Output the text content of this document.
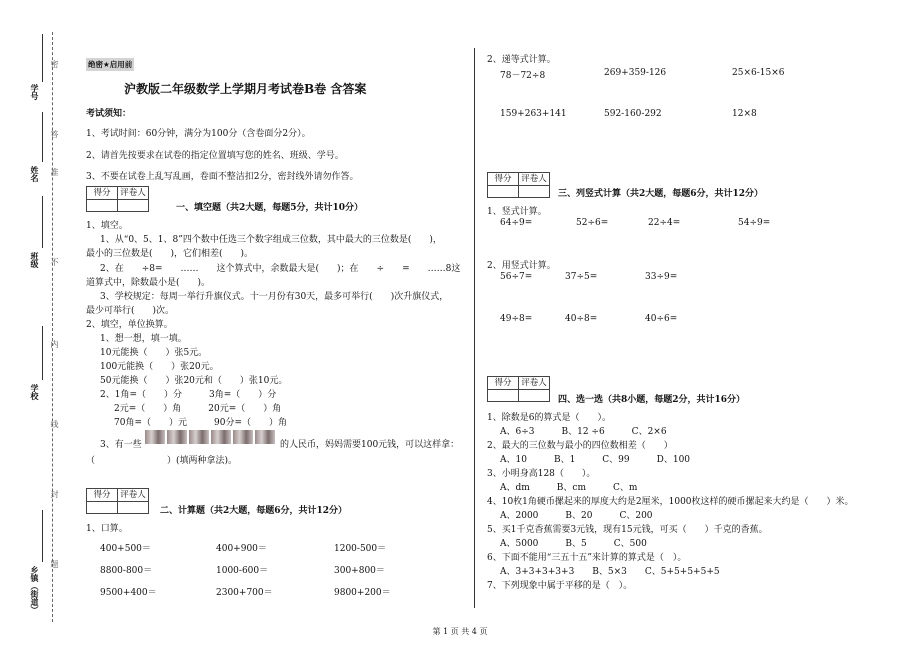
学号
姓名
班级
学校
乡镇（街道）
密
封
线
内
不
准
答
题
绝密★启用前
沪教版二年级数学上学期月考试卷B卷 含答案
考试须知：
1、考试时间：60分钟，满分为100分（含卷面分2分）。
2、请首先按要求在试卷的指定位置填写您的姓名、班级、学号。
3、不要在试卷上乱写乱画，卷面不整洁扣2分，密封线外请勿作答。
得分	评卷人
一、填空题（共2大题，每题5分，共计10分）
1、填空。
1、从“0、5、1、8”四个数中任选三个数字组成三位数，其中最大的三位数是(　　)，
最小的三位数是(　　)，它们相差(　　)。
2、在　　÷8=　　……　　这个算式中，余数最大是(　　)；在　　÷　　=　　……8这
道算式中，除数最小是(　　)。
3、学校规定：每周一举行升旗仪式。十一月份有30天，最多可举行(　　)次升旗仪式，
最少可举行(　　)次。
2、填空，单位换算。
1、想一想，填一填。
10元能换（　　）张5元。
100元能换（　　）张20元。
50元能换（　　）张20元和（　　）张10元。
2、1角=（　　）分　　　3角=（　　）分
2元=（　　）角　　　20元=（　　）角
70角=（　　）元　　　90分=（　　）角
3、有一些	的人民币，妈妈需要100元钱，可以这样拿：
（　　　　　　　　）(填两种拿法)。
得分	评卷人
二、计算题（共2大题，每题6分，共计12分）
1、口算。
400+500＝	400+900＝	1200-500＝
8800-800＝	1000-600＝	300+800＝
9500+400＝	2300+700＝	9800+200＝
2、递等式计算。
78－72÷8	269+359-126	25×6-15×6
159+263+141	592-160-292	12×8
得分	评卷人
三、列竖式计算（共2大题，每题6分，共计12分）
1、竖式计算。
64÷9=	52÷6=	22÷4=	54÷9=
2、用竖式计算。
56÷7=	37÷5=	33÷9=
49÷8=	40÷8=	40÷6=
得分	评卷人
四、选一选（共8小题，每题2分，共计16分）
1、除数是6的算式是（　　）。
A、6÷3　　　B、12 ÷6　　　C、2×6
2、最大的三位数与最小的四位数相差（　　）
A、10　　　B、1　　　C、99　　　D、100
3、小明身高128（　　）。
A、dm　　　B、cm　　　C、m
4、10枚1角硬币摞起来的厚度大约是2厘米，1000枚这样的硬币摞起来大约是（　　）米。
A、2000　　　B、20　　　C、200
5、买1千克香蕉需要3元钱，现有15元钱，可买（　　）千克的香蕉。
A、5000　　　B、5　　　C、500
6、下面不能用“三五十五”来计算的算式是（　）。
A、3+3+3+3+3　　B、5×3　　C、5+5+5+5+5
7、下列现象中属于平移的是（　）。
第 1 页 共 4 页
